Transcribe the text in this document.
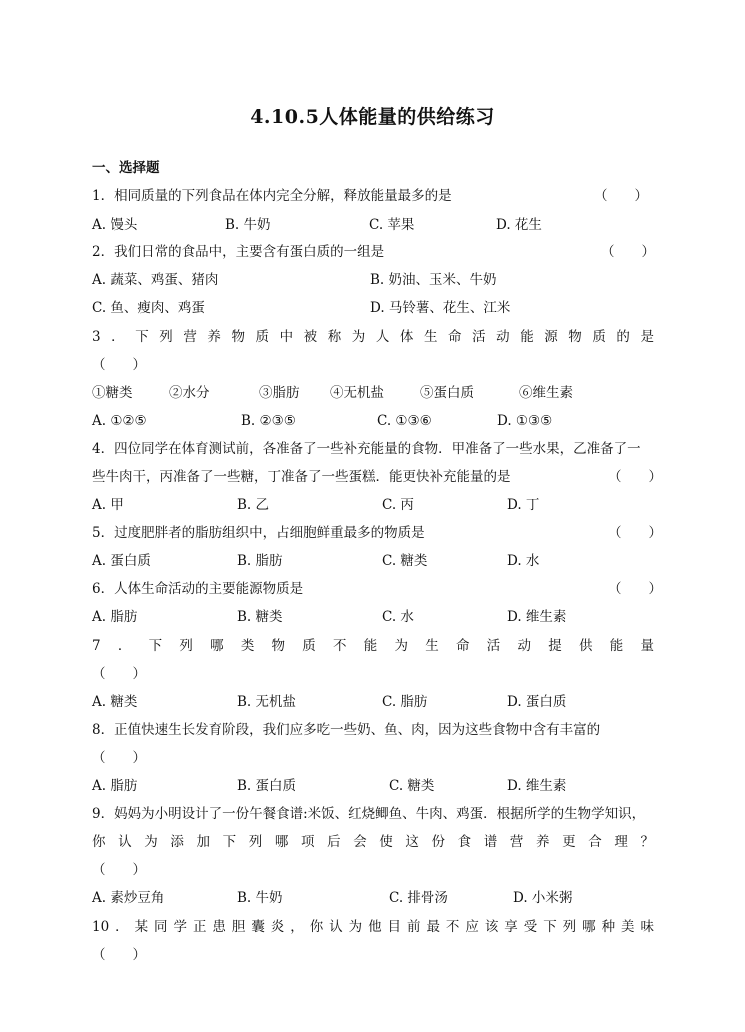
4.10.5人体能量的供给练习
一、选择题
1．相同质量的下列食品在体内完全分解，释放能量最多的是	（　　）
A. 馒头	B. 牛奶	C. 苹果	D. 花生
2．我们日常的食品中，主要含有蛋白质的一组是	（　　）
A. 蔬菜、鸡蛋、猪肉	B. 奶油、玉米、牛奶
C. 鱼、瘦肉、鸡蛋	D. 马铃薯、花生、江米
3．下列营养物质中被称为人体生命活动能源物质的是
（　　）
①糖类	②水分	③脂肪 ④无机盐	⑤蛋白质	⑥维生素
A. ①②⑤	B. ②③⑤	C. ①③⑥	D. ①③⑤
4．四位同学在体育测试前，各准备了一些补充能量的食物．甲准备了一些水果，乙准备了一
些牛肉干，丙准备了一些糖，丁准备了一些蛋糕．能更快补充能量的是	（　　）
A. 甲	B. 乙	C. 丙	D. 丁
5．过度肥胖者的脂肪组织中，占细胞鲜重最多的物质是	（　　）
A. 蛋白质	B. 脂肪	C. 糖类	D. 水
6．人体生命活动的主要能源物质是	（　　）
A. 脂肪	B. 糖类	C. 水	D. 维生素
7．下列哪类物质不能为生命活动提供能量
（　　）
A. 糖类	B. 无机盐	C. 脂肪	D. 蛋白质
8．正值快速生长发育阶段，我们应多吃一些奶、鱼、肉，因为这些食物中含有丰富的
（　　）
A. 脂肪	B. 蛋白质	C. 糖类	D. 维生素
9．妈妈为小明设计了一份午餐食谱:米饭、红烧鲫鱼、牛肉、鸡蛋．根据所学的生物学知识，
你认为添加下列哪项后会使这份食谱营养更合理？
（　　）
A. 素炒豆角	B. 牛奶	C. 排骨汤	D. 小米粥
10．某同学正患胆囊炎，你认为他目前最不应该享受下列哪种美味
（　　）
